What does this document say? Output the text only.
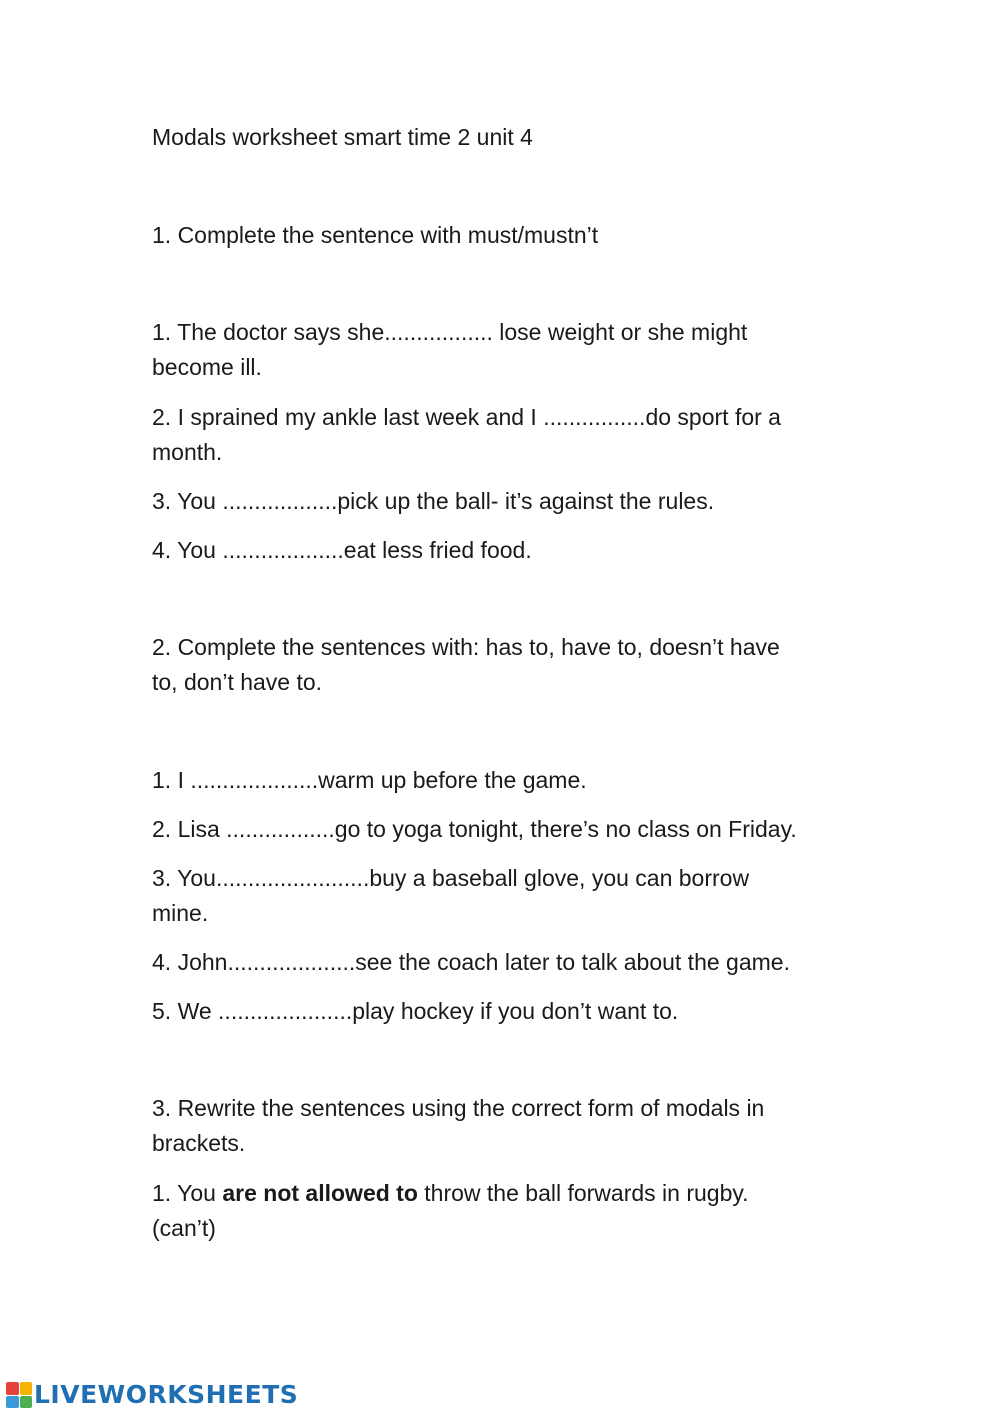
Modals worksheet smart time 2 unit 4
1. Complete the sentence with must/mustn’t
1. The doctor says she................. lose weight or she might
become ill.
2. I sprained my ankle last week and I ................do sport for a
month.
3. You ..................pick up the ball- it’s against the rules.
4. You ...................eat less fried food.
2. Complete the sentences with: has to, have to, doesn’t have
to, don’t have to.
1. I ....................warm up before the game.
2. Lisa .................go to yoga tonight, there’s no class on Friday.
3. You........................buy a baseball glove, you can borrow
mine.
4. John....................see the coach later to talk about the game.
5. We .....................play hockey if you don’t want to.
3. Rewrite the sentences using the correct form of modals in
brackets.
1. You are not allowed to throw the ball forwards in rugby.
(can’t)
LIVEWORKSHEETS
